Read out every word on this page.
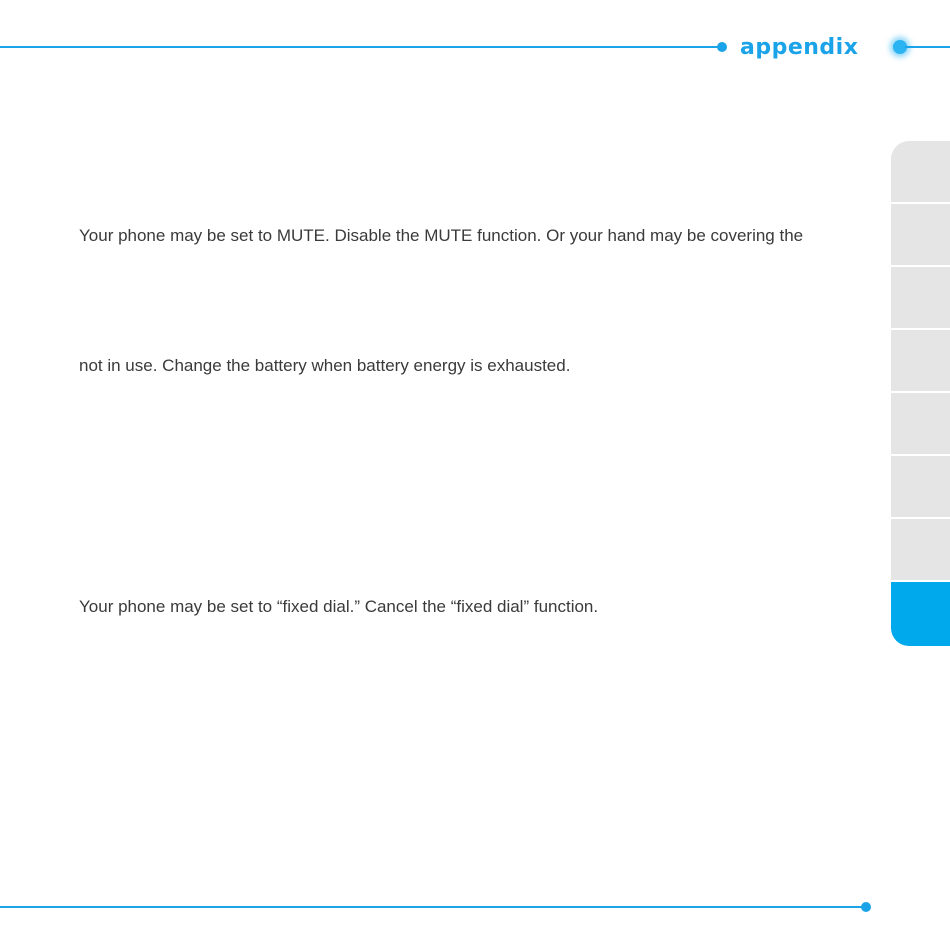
appendix

Your phone may be set to MUTE. Disable the MUTE function. Or your hand may be covering the

not in use. Change the battery when battery energy is exhausted.

Your phone may be set to “fixed dial.” Cancel the “fixed dial” function.
